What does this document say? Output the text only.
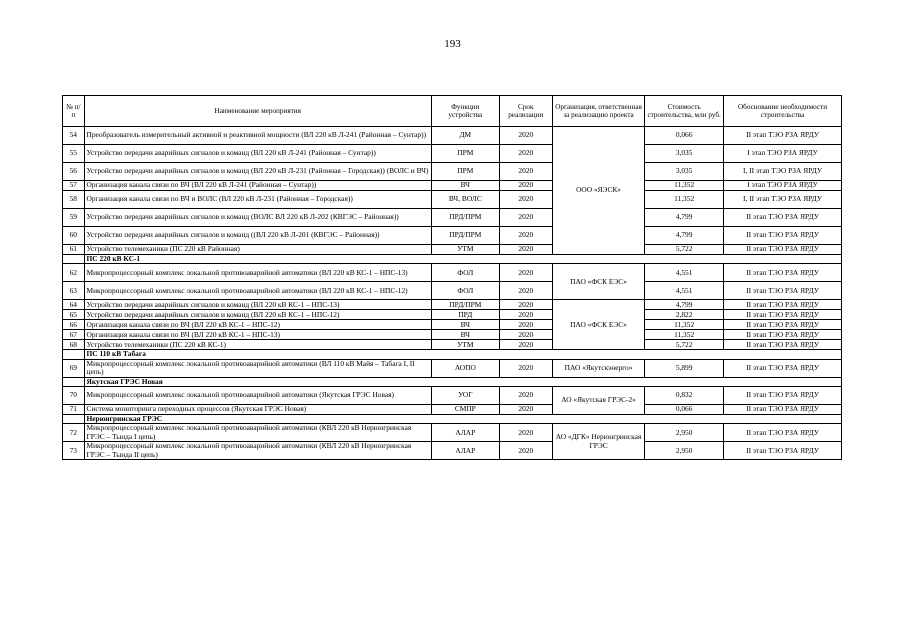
193
№ п/п	Наименование мероприятия	Функции устройства	Срок реализации	Организация, ответственная за реализацию проекта	Стоимость строительства, млн руб.	Обоснование необходимости строительства
54	Преобразователь измерительный активной и реактивной мощности (ВЛ 220 кВ Л-241 (Районная – Сунтар))	ДМ	2020	ООО «ЯЭСК»	0,066	II этап ТЭО РЗА ЯРДУ
55	Устройство передачи аварийных сигналов и команд (ВЛ 220 кВ Л-241 (Районная – Сунтар))	ПРМ	2020		3,035	I этап ТЭО РЗА ЯРДУ
56	Устройство передачи аварийных сигналов и команд (ВЛ 220 кВ Л-231 (Районная – Городская)) (ВОЛС и ВЧ)	ПРМ	2020		3,035	I, II этап ТЭО РЗА ЯРДУ
57	Организация канала связи по ВЧ (ВЛ 220 кВ Л-241 (Районная – Сунтар))	ВЧ	2020		11,352	I этап ТЭО РЗА ЯРДУ
58	Организация канала связи по ВЧ и ВОЛС (ВЛ 220 кВ Л-231 (Районная – Городская))	ВЧ, ВОЛС	2020		11,352	I, II этап ТЭО РЗА ЯРДУ
59	Устройство передачи аварийных сигналов и команд (ВОЛС ВЛ 220 кВ Л-202 (КВГЭС – Районная))	ПРД/ПРМ	2020		4,799	II этап ТЭО РЗА ЯРДУ
60	Устройство передачи аварийных сигналов и команд ((ВЛ 220 кВ Л-201 (КВГЭС – Районная))	ПРД/ПРМ	2020		4,799	II этап ТЭО РЗА ЯРДУ
61	Устройство телемеханики (ПС 220 кВ Районная)	УТМ	2020		5,722	II этап ТЭО РЗА ЯРДУ
	ПС 220 кВ КС-1					
62	Микропроцессорный комплекс локальной противоаварийной автоматики (ВЛ 220 кВ КС-1 – НПС-13)	ФОЛ	2020	ПАО «ФСК ЕЭС»	4,551	II этап ТЭО РЗА ЯРДУ
63	Микропроцессорный комплекс локальной противоаварийной автоматики (ВЛ 220 кВ КС-1 – НПС-12)	ФОЛ	2020		4,551	II этап ТЭО РЗА ЯРДУ
64	Устройство передачи аварийных сигналов и команд (ВЛ 220 кВ КС-1 – НПС-13)	ПРД/ПРМ	2020	ПАО «ФСК ЕЭС»	4,799	II этап ТЭО РЗА ЯРДУ
65	Устройство передачи аварийных сигналов и команд (ВЛ 220 кВ КС-1 – НПС-12)	ПРД	2020		2,822	II этап ТЭО РЗА ЯРДУ
66	Организация канала связи по ВЧ (ВЛ 220 кВ КС-1 – НПС-12)	ВЧ	2020		11,352	II этап ТЭО РЗА ЯРДУ
67	Организация канала связи по ВЧ (ВЛ 220 кВ КС-1 – НПС-13)	ВЧ	2020		11,352	II этап ТЭО РЗА ЯРДУ
68	Устройство телемеханики (ПС 220 кВ КС-1)	УТМ	2020		5,722	II этап ТЭО РЗА ЯРДУ
	ПС 110 кВ Табага					
69	Микропроцессорный комплекс локальной противоаварийной автоматики (ВЛ 110 кВ Майя – Табага I, II цепь)	АОПО	2020	ПАО «Якутскэнерго»	5,899	II этап ТЭО РЗА ЯРДУ
	Якутская ГРЭС Новая					
70	Микропроцессорный комплекс локальной противоаварийной автоматики (Якутская ГРЭС Новая)	УОГ	2020	АО «Якутская ГРЭС-2»	0,832	II этап ТЭО РЗА ЯРДУ
71	Система мониторинга переходных процессов (Якутская ГРЭС Новая)	СМПР	2020		0,066	II этап ТЭО РЗА ЯРДУ
	Нерюнгринская ГРЭС					
72	Микропроцессорный комплекс локальной противоаварийной автоматики (КВЛ 220 кВ Нерюнгринская ГРЭС – Тында I цепь)	АЛАР	2020	АО «ДГК» Нерюнгринская ГРЭС	2,950	II этап ТЭО РЗА ЯРДУ
73	Микропроцессорный комплекс локальной противоаварийной автоматики (КВЛ 220 кВ Нерюнгринская ГРЭС – Тында II цепь)	АЛАР	2020		2,950	II этап ТЭО РЗА ЯРДУ
